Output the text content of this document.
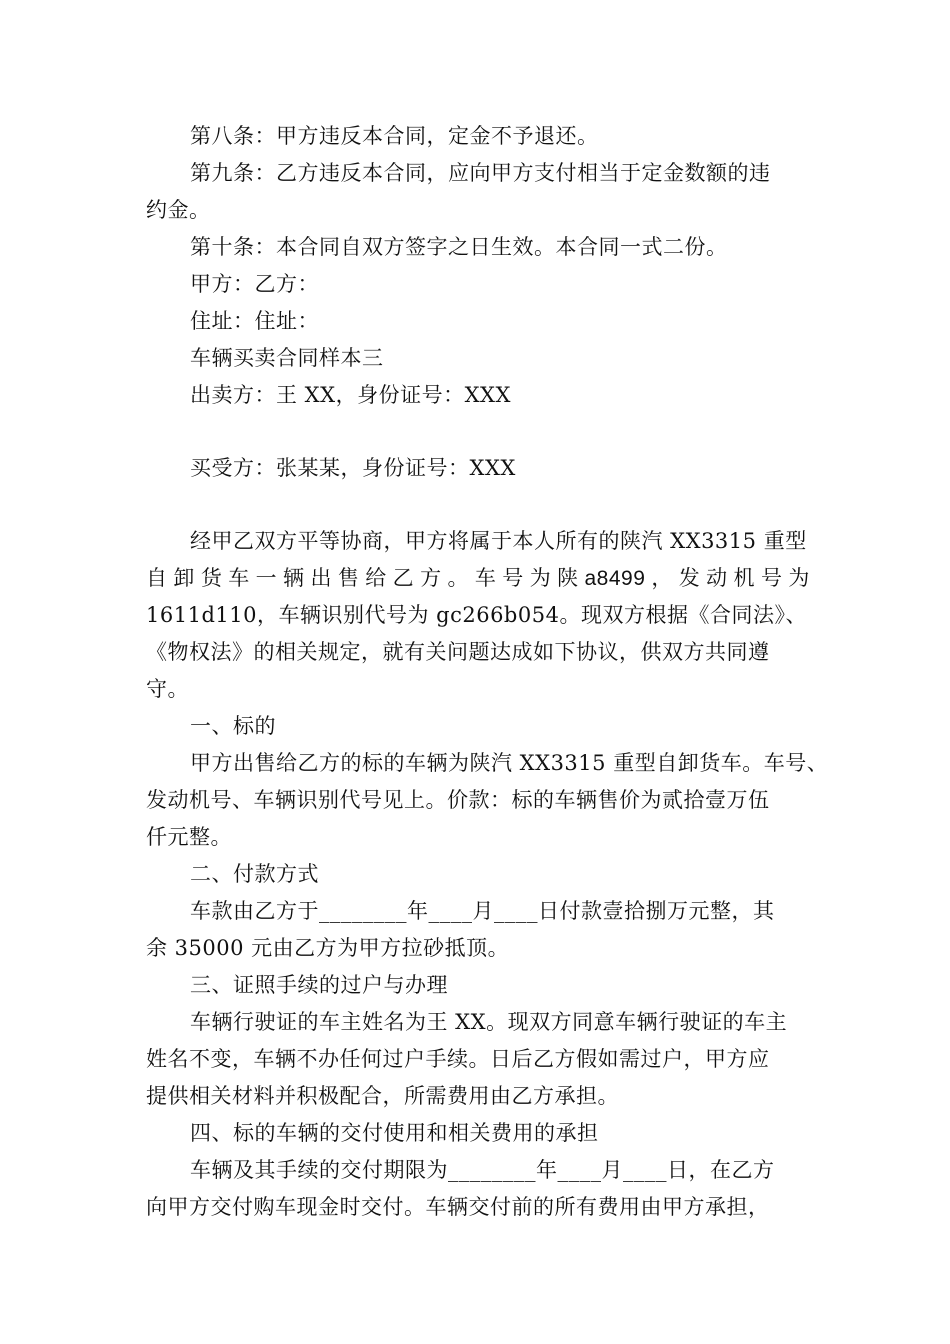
第八条：甲方违反本合同，定金不予退还。
第九条：乙方违反本合同，应向甲方支付相当于定金数额的违
约金。
第十条：本合同自双方签字之日生效。本合同一式二份。
甲方：乙方：
住址：住址：
车辆买卖合同样本三
出卖方：王 XX，身份证号：XXX
买受方：张某某，身份证号：XXX
经甲乙双方平等协商，甲方将属于本人所有的陕汽 XX3315 重型
自 卸 货 车 一 辆 出 售 给 乙 方 。 车 号 为 陕 a8499 ， 发 动 机 号 为
1611d110，车辆识别代号为 gc266b054。现双方根据《合同法》、
《物权法》的相关规定，就有关问题达成如下协议，供双方共同遵
守。
一、标的
甲方出售给乙方的标的车辆为陕汽 XX3315 重型自卸货车。车号、
发动机号、车辆识别代号见上。价款：标的车辆售价为贰拾壹万伍
仟元整。
二、付款方式
车款由乙方于________年____月____日付款壹拾捌万元整，其
余 35000 元由乙方为甲方拉砂抵顶。
三、证照手续的过户与办理
车辆行驶证的车主姓名为王 XX。现双方同意车辆行驶证的车主
姓名不变，车辆不办任何过户手续。日后乙方假如需过户，甲方应
提供相关材料并积极配合，所需费用由乙方承担。
四、标的车辆的交付使用和相关费用的承担
车辆及其手续的交付期限为________年____月____日，在乙方
向甲方交付购车现金时交付。车辆交付前的所有费用由甲方承担，
